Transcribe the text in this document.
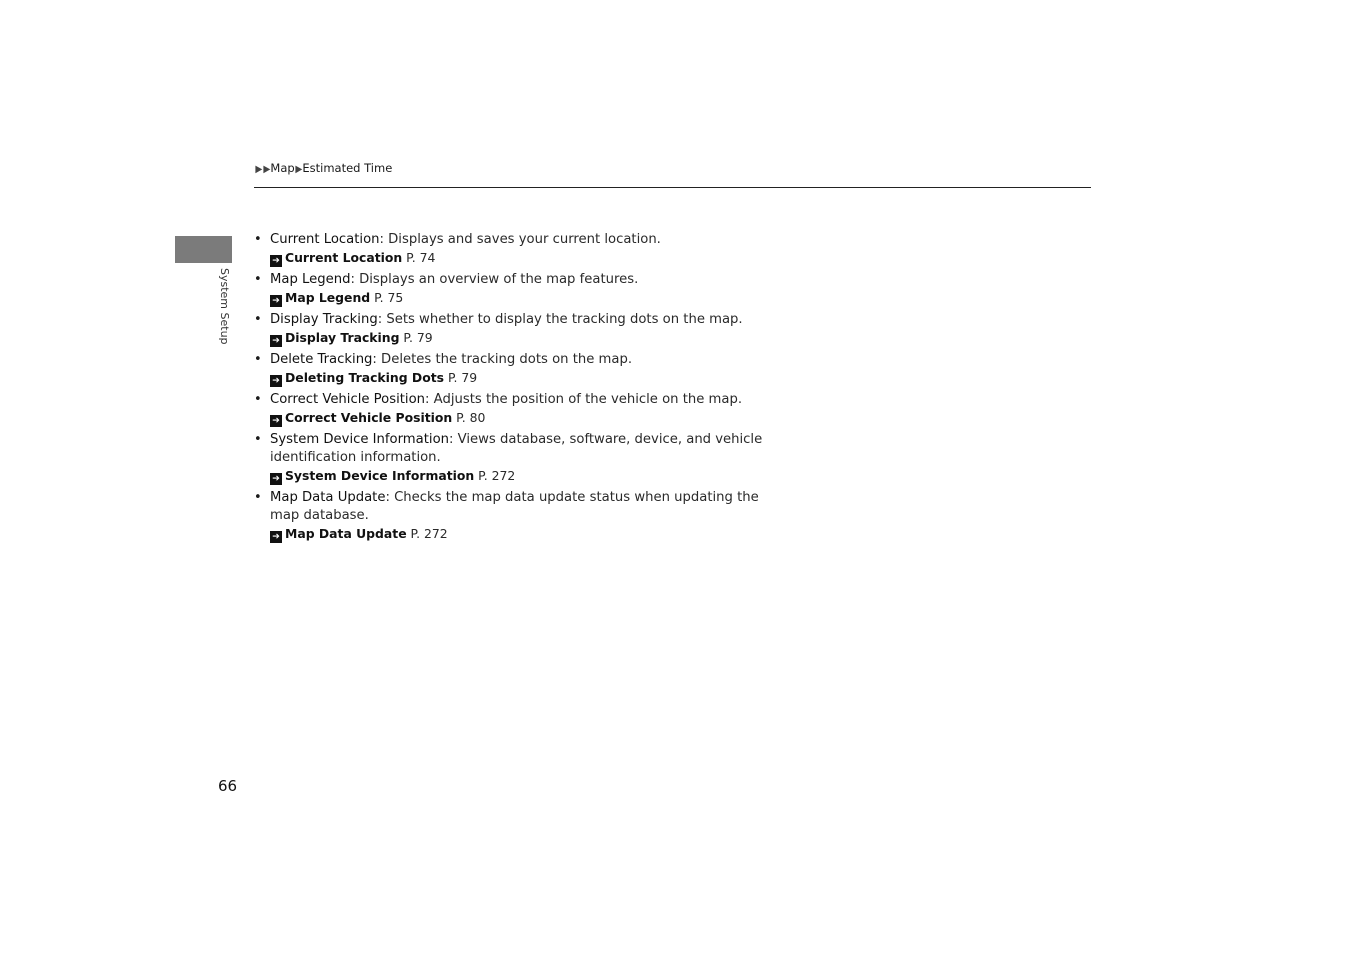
▶▶Map▶Estimated Time
System Setup
• Current Location: Displays and saves your current location.
➔ Current Location P. 74
• Map Legend: Displays an overview of the map features.
➔ Map Legend P. 75
• Display Tracking: Sets whether to display the tracking dots on the map.
➔ Display Tracking P. 79
• Delete Tracking: Deletes the tracking dots on the map.
➔ Deleting Tracking Dots P. 79
• Correct Vehicle Position: Adjusts the position of the vehicle on the map.
➔ Correct Vehicle Position P. 80
• System Device Information: Views database, software, device, and vehicle identification information.
➔ System Device Information P. 272
• Map Data Update: Checks the map data update status when updating the map database.
➔ Map Data Update P. 272
66
